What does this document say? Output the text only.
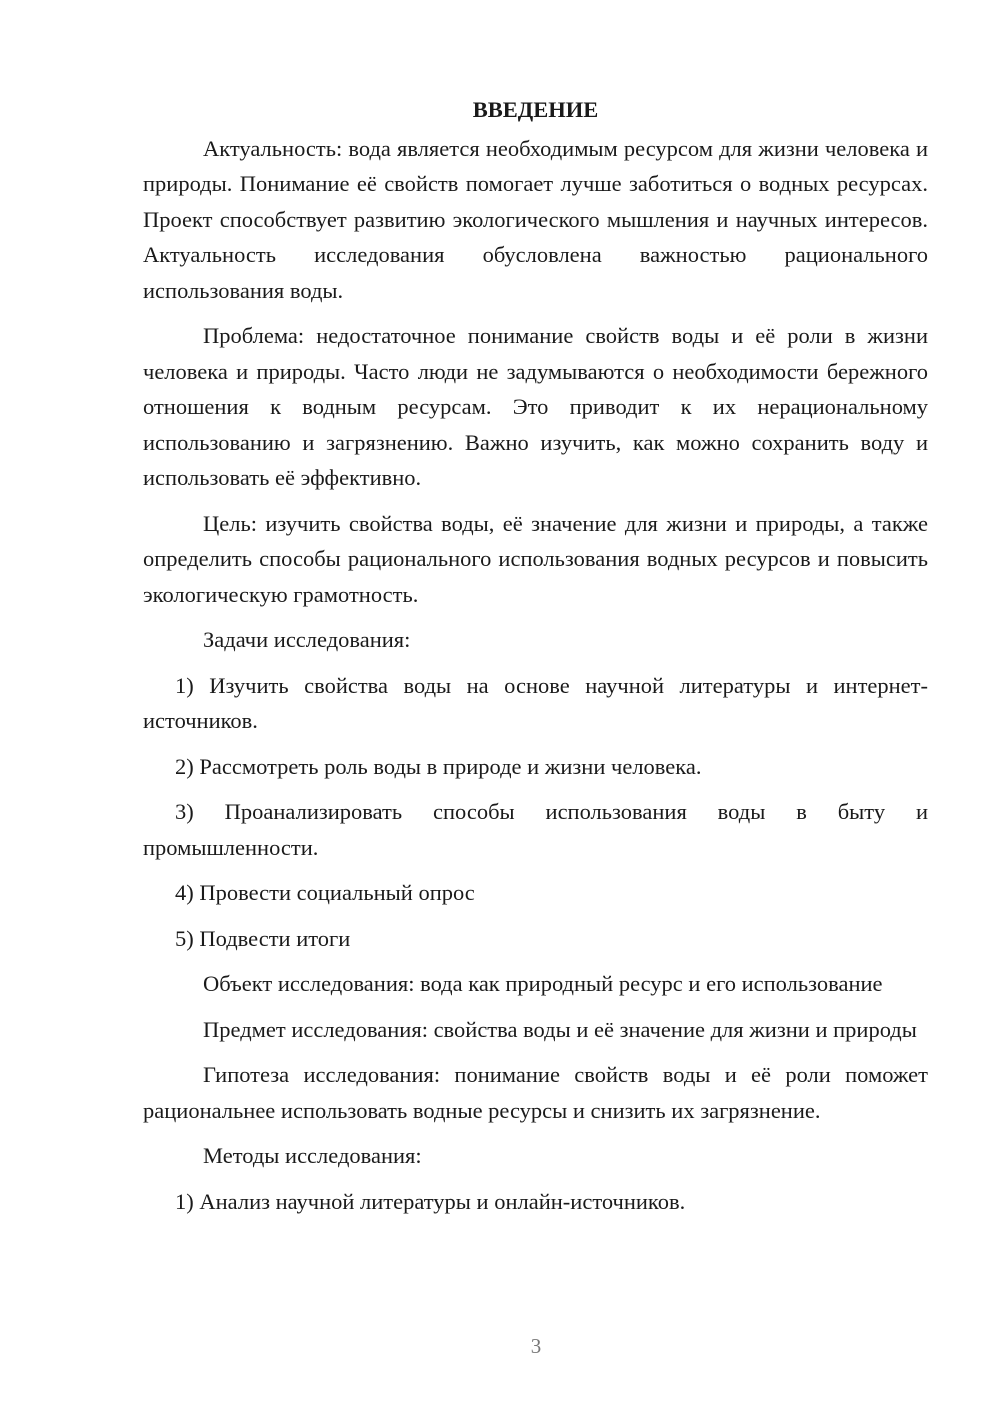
ВВЕДЕНИЕ

Актуальность: вода является необходимым ресурсом для жизни человека и природы. Понимание её свойств помогает лучше заботиться о водных ресурсах. Проект способствует развитию экологического мышления и научных интересов. Актуальность исследования обусловлена важностью рационального использования воды.

Проблема: недостаточное понимание свойств воды и её роли в жизни человека и природы. Часто люди не задумываются о необходимости бережного отношения к водным ресурсам. Это приводит к их нерациональному использованию и загрязнению. Важно изучить, как можно сохранить воду и использовать её эффективно.

Цель: изучить свойства воды, её значение для жизни и природы, а также определить способы рационального использования водных ресурсов и повысить экологическую грамотность.

Задачи исследования:

1) Изучить свойства воды на основе научной литературы и интернет-источников.

2) Рассмотреть роль воды в природе и жизни человека.

3) Проанализировать способы использования воды в быту и промышленности.

4) Провести социальный опрос

5) Подвести итоги

Объект исследования: вода как природный ресурс и его использование

Предмет исследования: свойства воды и её значение для жизни и природы

Гипотеза исследования: понимание свойств воды и её роли поможет рациональнее использовать водные ресурсы и снизить их загрязнение.

Методы исследования:

1) Анализ научной литературы и онлайн-источников.

3
